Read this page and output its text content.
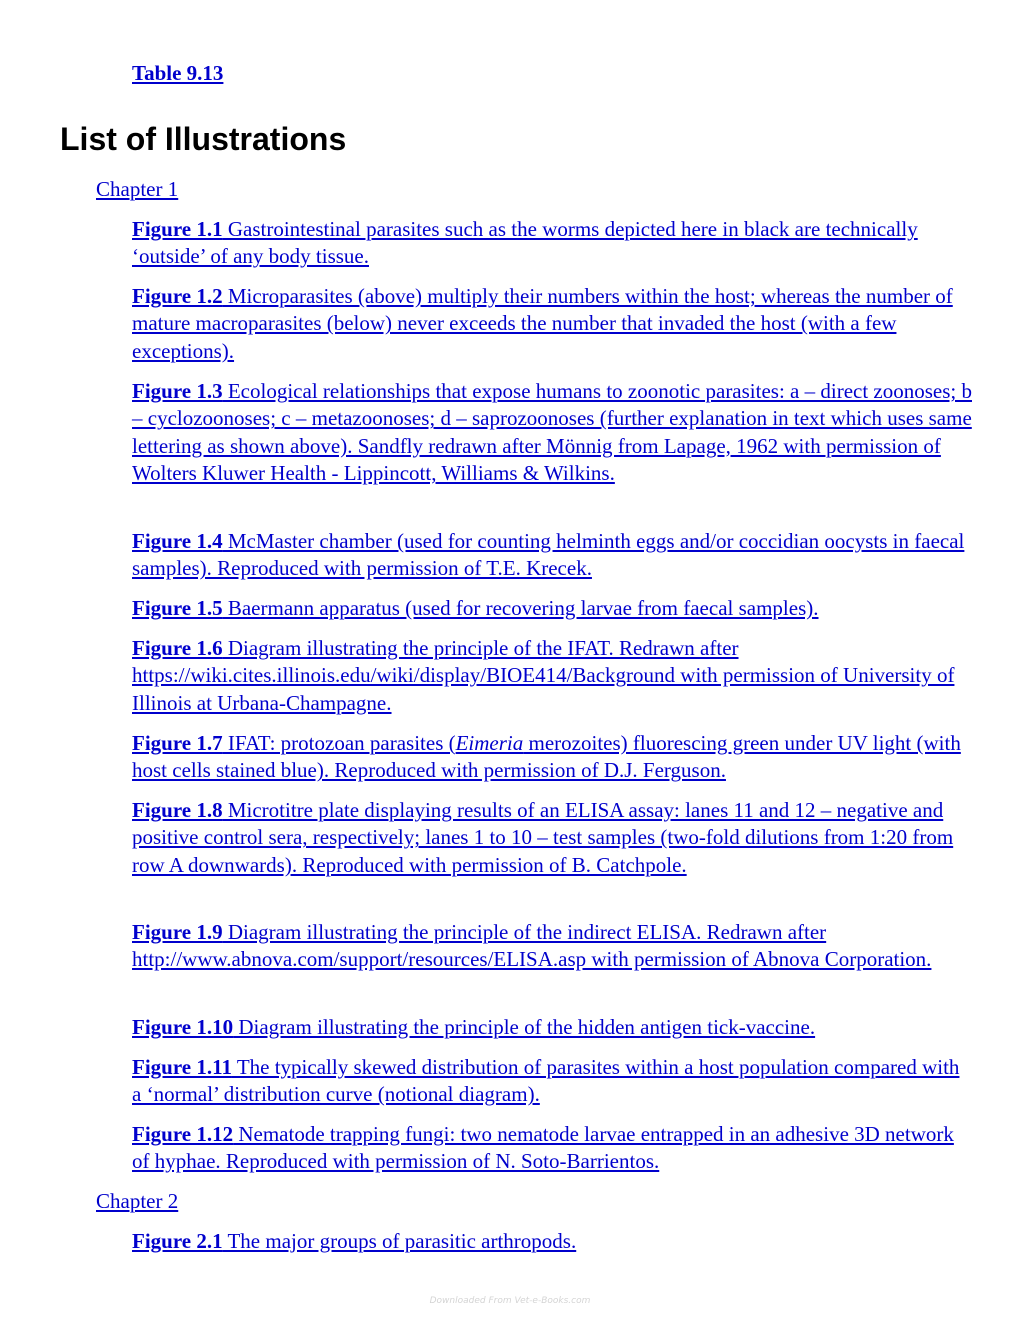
Table 9.13
List of Illustrations
Chapter 1
Figure 1.1 Gastrointestinal parasites such as the worms depicted here in black are technically ‘outside’ of any body tissue.
Figure 1.2 Microparasites (above) multiply their numbers within the host; whereas the number of mature macroparasites (below) never exceeds the number that invaded the host (with a few exceptions).
Figure 1.3 Ecological relationships that expose humans to zoonotic parasites: a – direct zoonoses; b – cyclozoonoses; c – metazoonoses; d – saprozoonoses (further explanation in text which uses same lettering as shown above). Sandfly redrawn after Mönnig from Lapage, 1962 with permission of Wolters Kluwer Health - Lippincott, Williams & Wilkins.
Figure 1.4 McMaster chamber (used for counting helminth eggs and/or coccidian oocysts in faecal samples). Reproduced with permission of T.E. Krecek.
Figure 1.5 Baermann apparatus (used for recovering larvae from faecal samples).
Figure 1.6 Diagram illustrating the principle of the IFAT. Redrawn after https://wiki.cites.illinois.edu/wiki/display/BIOE414/Background with permission of University of Illinois at Urbana-Champagne.
Figure 1.7 IFAT: protozoan parasites (Eimeria merozoites) fluorescing green under UV light (with host cells stained blue). Reproduced with permission of D.J. Ferguson.
Figure 1.8 Microtitre plate displaying results of an ELISA assay: lanes 11 and 12 – negative and positive control sera, respectively; lanes 1 to 10 – test samples (two-fold dilutions from 1:20 from row A downwards). Reproduced with permission of B. Catchpole.
Figure 1.9 Diagram illustrating the principle of the indirect ELISA. Redrawn after http://www.abnova.com/support/resources/ELISA.asp with permission of Abnova Corporation.
Figure 1.10 Diagram illustrating the principle of the hidden antigen tick-vaccine.
Figure 1.11 The typically skewed distribution of parasites within a host population compared with a ‘normal’ distribution curve (notional diagram).
Figure 1.12 Nematode trapping fungi: two nematode larvae entrapped in an adhesive 3D network of hyphae. Reproduced with permission of N. Soto-Barrientos.
Chapter 2
Figure 2.1 The major groups of parasitic arthropods.
Downloaded From Vet-e-Books.com
